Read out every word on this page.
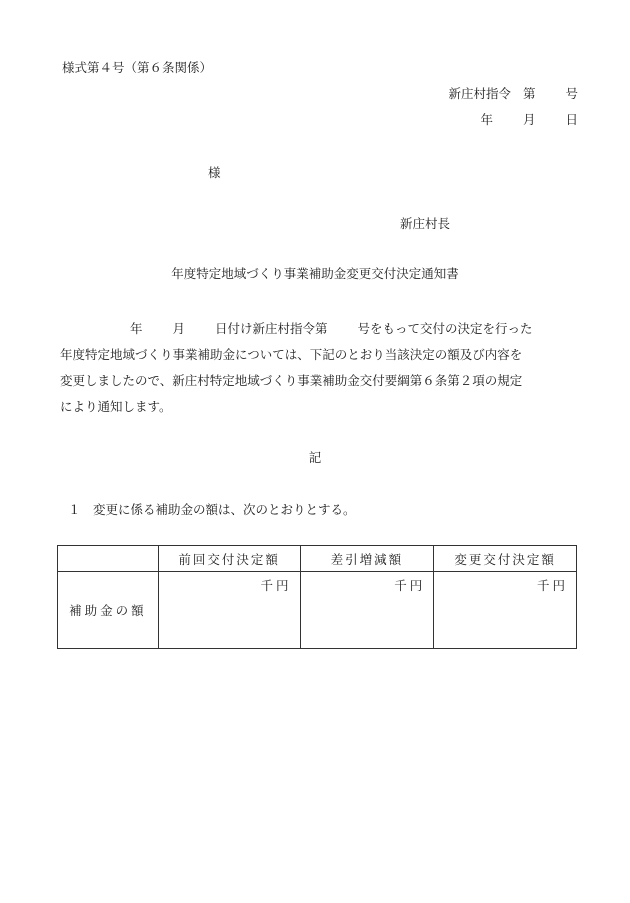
様式第４号（第６条関係）
新庄村指令 第 号
年 月 日
様
新庄村長
年度特定地域づくり事業補助金変更交付決定通知書
年 月 日付け新庄村指令第 号をもって交付の決定を行った
年度特定地域づくり事業補助金については、下記のとおり当該決定の額及び内容を
変更しましたので、新庄村特定地域づくり事業補助金交付要綱第６条第２項の規定
により通知します。
記
１　変更に係る補助金の額は、次のとおりとする。
	前回交付決定額	差引増減額	変更交付決定額
補助金の額	千円	千円	千円
